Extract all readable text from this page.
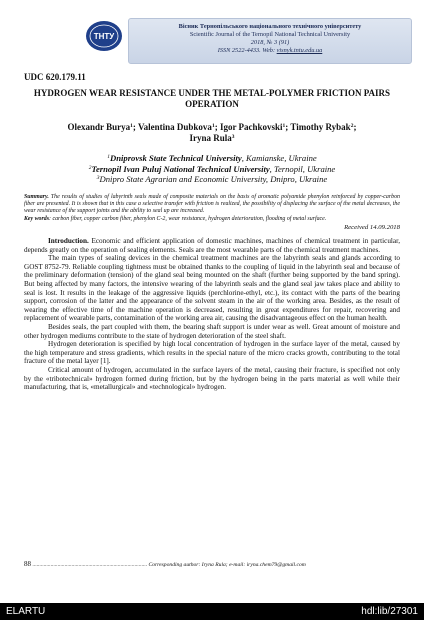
ТНТУ
Вісник Тернопільського національного технічного університету
Scientific Journal of the Ternopil National Technical University
2018, № 3 (91)
ISSN 2522-4433. Web: visnyk.tntu.edu.ua
UDC 620.179.11
HYDROGEN WEAR RESISTANCE UNDER THE METAL-POLYMER FRICTION PAIRS OPERATION
Olexandr Burya$^1$; Valentina Dubkova$^1$; Igor Pachkovski$^1$; Timothy Rybak$^2$;
Iryna Rula$^3$
$^1$Dniprovsk State Technical University, Kamianske, Ukraine
$^2$Ternopil Ivan Puluj National Technical University, Ternopil, Ukraine
$^3$Dnipro State Agrarian and Economic University, Dnipro, Ukraine
Summary. The results of studies of labyrinth seals made of composite materials on the basis of aromatic polyamide phenylon reinforced by copper-carbon fiber are presented. It is shown that in this case a selective transfer with friction is realized, the possibility of displacing the surface of the metal decreases, the wear resistance of the support joints and the ability to seal up are increased.
Key words: carbon fiber, copper carbon fiber, phenylon C-2, wear resistance, hydrogen deterioration, flooding of metal surface.
Received 14.09.2018

Introduction. Economic and efficient application of domestic machines, machines of chemical treatment in particular, depends greatly on the operation of sealing elements. Seals are the most wearable parts of the chemical treatment machines.

The main types of sealing devices in the chemical treatment machines are the labyrinth seals and glands according to GOST 8752-79. Reliable coupling tightness must be obtained thanks to the coupling of liquid in the labyrinth seal and because of the preliminary deformation (tension) of the gland seal being mounted on the shaft (further being supported by the band spring). But being affected by many factors, the intensive wearing of the labyrinth seals and the gland seal jaw takes place and ability to seal is lost. It results in the leakage of the aggressive liquids (perchlorine-ethyl, etc.), its contact with the parts of the bearing support, corrosion of the latter and the appearance of the solvent steam in the air of the working area. Besides, as the result of wearing the effective time of the machine operation is decreased, resulting in great expenditures for repair, recovering and replacement of wearable parts, contamination of the working area air, causing the disadvantageous effect on the human health.

Besides seals, the part coupled with them, the bearing shaft support is under wear as well. Great amount of moisture and other hydrogen mediums contribute to the state of hydrogen deterioration of the steel shaft.

Hydrogen deterioration is specified by high local concentration of hydrogen in the surface layer of the metal, caused by the high temperature and stress gradients, which results in the special nature of the micro cracks growth, contributing to the total fracture of the metal layer [1].

Critical amount of hydrogen, accumulated in the surface layers of the metal, causing their fracture, is specified not only by the «tribotechnical» hydrogen formed during friction, but by the hydrogen being in the parts material as well while their manufacturing, that is, «metallurgical» and «technological» hydrogen.

88 .................................................................................. Corresponding author: Iryna Rula; e-mail: iryna.chem79@gmail.com
ELARTU	hdl:lib/27301
